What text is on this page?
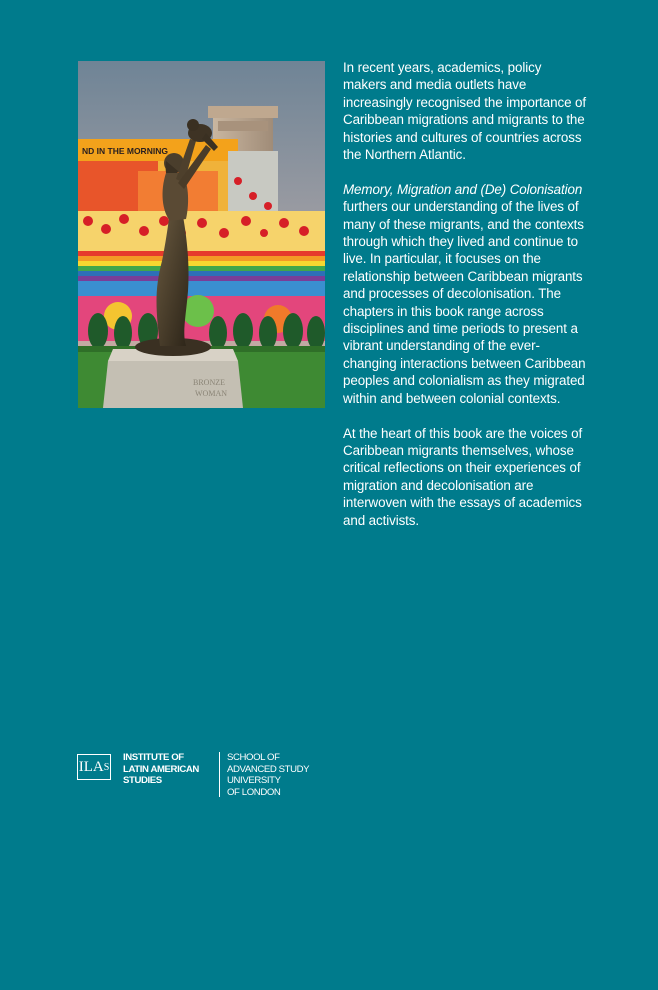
ND IN THE MORNING
BRONZE
WOMAN

In recent years, academics, policy makers and media outlets have increasingly recognised the importance of Caribbean migrations and migrants to the histories and cultures of countries across the Northern Atlantic.

Memory, Migration and (De) Colonisation furthers our understanding of the lives of many of these migrants, and the contexts through which they lived and continue to live. In particular, it focuses on the relationship between Caribbean migrants and processes of decolonisation. The chapters in this book range across disciplines and time periods to present a vibrant understanding of the ever-changing interactions between Caribbean peoples and colonialism as they migrated within and between colonial contexts.

At the heart of this book are the voices of Caribbean migrants themselves, whose critical reflections on their experiences of migration and decolonisation are interwoven with the essays of academics and activists.

ILAS
INSTITUTE OF
LATIN AMERICAN
STUDIES
SCHOOL OF
ADVANCED STUDY
UNIVERSITY
OF LONDON
